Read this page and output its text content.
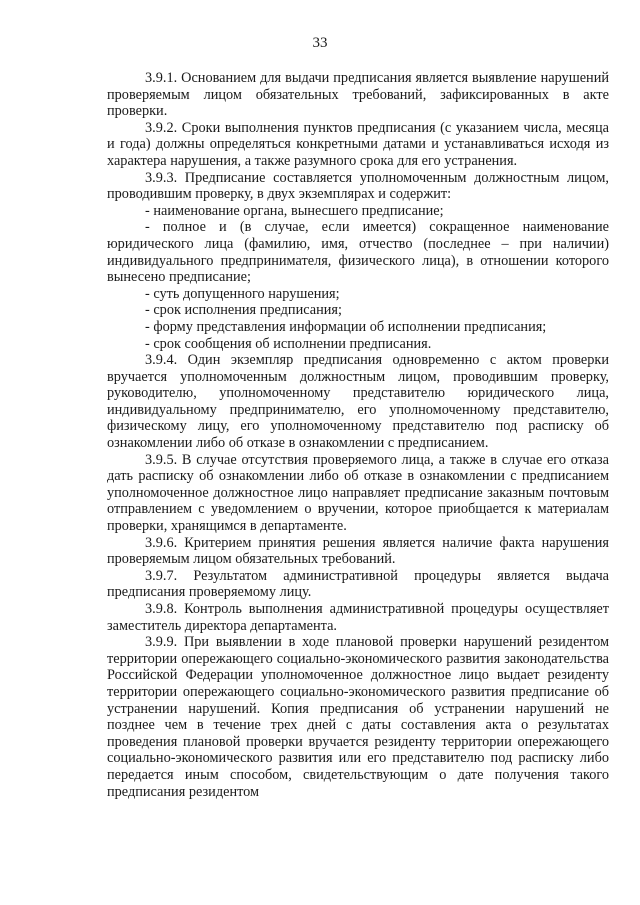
33

3.9.1. Основанием для выдачи предписания является выявление нарушений проверяемым лицом обязательных требований, зафиксированных в акте проверки.

3.9.2. Сроки выполнения пунктов предписания (с указанием числа, месяца и года) должны определяться конкретными датами и устанавливаться исходя из характера нарушения, а также разумного срока для его устранения.

3.9.3. Предписание составляется уполномоченным должностным лицом, проводившим проверку, в двух экземплярах и содержит:

- наименование органа, вынесшего предписание;

- полное и (в случае, если имеется) сокращенное наименование юридического лица (фамилию, имя, отчество (последнее – при наличии) индивидуального предпринимателя, физического лица), в отношении которого вынесено предписание;

- суть допущенного нарушения;

- срок исполнения предписания;

- форму представления информации об исполнении предписания;

- срок сообщения об исполнении предписания.

3.9.4. Один экземпляр предписания одновременно с актом проверки вручается уполномоченным должностным лицом, проводившим проверку, руководителю, уполномоченному представителю юридического лица, индивидуальному предпринимателю, его уполномоченному представителю, физическому лицу, его уполномоченному представителю под расписку об ознакомлении либо об отказе в ознакомлении с предписанием.

3.9.5. В случае отсутствия проверяемого лица, а также в случае его отказа дать расписку об ознакомлении либо об отказе в ознакомлении с предписанием уполномоченное должностное лицо направляет предписание заказным почтовым отправлением с уведомлением о вручении, которое приобщается к материалам проверки, хранящимся в департаменте.

3.9.6. Критерием принятия решения является наличие факта нарушения проверяемым лицом обязательных требований.

3.9.7. Результатом административной процедуры является выдача предписания проверяемому лицу.

3.9.8. Контроль выполнения административной процедуры осуществляет заместитель директора департамента.

3.9.9. При выявлении в ходе плановой проверки нарушений резидентом территории опережающего социально-экономического развития законодательства Российской Федерации уполномоченное должностное лицо выдает резиденту территории опережающего социально-экономического развития предписание об устранении нарушений. Копия предписания об устранении нарушений не позднее чем в течение трех дней с даты составления акта о результатах проведения плановой проверки вручается резиденту территории опережающего социально-экономического развития или его представителю под расписку либо передается иным способом, свидетельствующим о дате получения такого предписания резидентом
